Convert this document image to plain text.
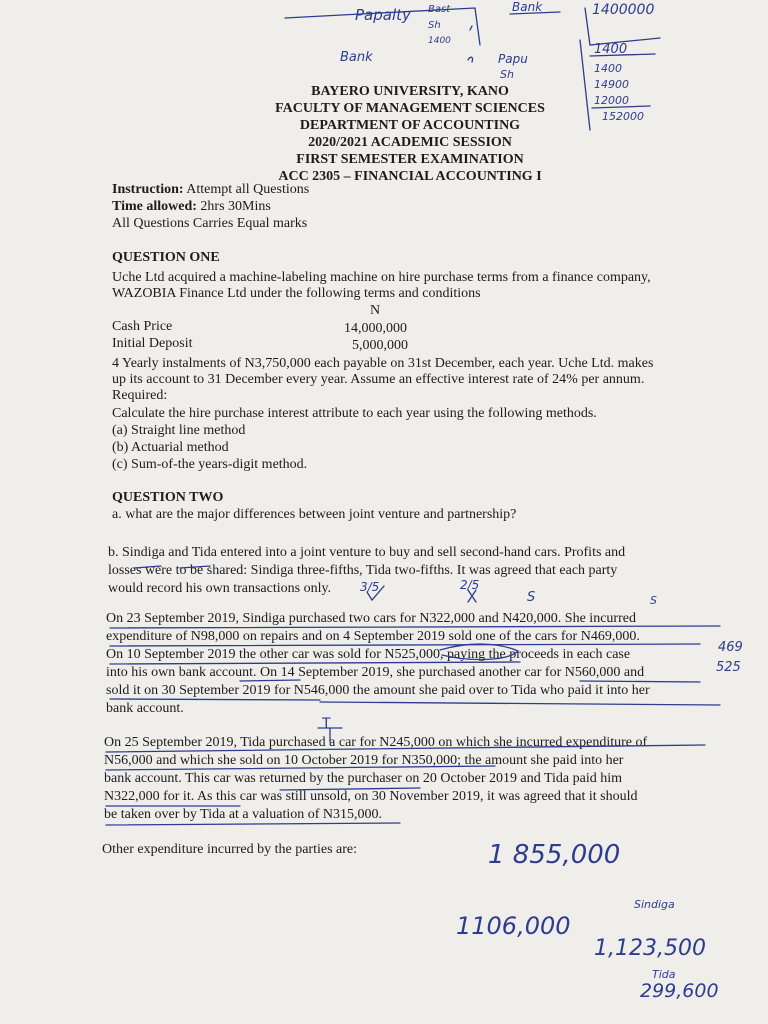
Papalty Bast
Sh
1400
Bank	1400000
Bank	Papu
Sh
1400
1400
14900
12000
152000
BAYERO UNIVERSITY, KANO
FACULTY OF MANAGEMENT SCIENCES
DEPARTMENT OF ACCOUNTING
2020/2021 ACADEMIC SESSION
FIRST SEMESTER EXAMINATION
ACC 2305 – FINANCIAL ACCOUNTING I
Instruction: Attempt all Questions
Time allowed: 2hrs 30Mins
All Questions Carries Equal marks
QUESTION ONE
Uche Ltd acquired a machine-labeling machine on hire purchase terms from a finance company,
WAZOBIA Finance Ltd under the following terms and conditions
N
Cash Price	14,000,000
Initial Deposit	5,000,000
4 Yearly instalments of N3,750,000 each payable on 31st December, each year. Uche Ltd. makes
up its account to 31 December every year. Assume an effective interest rate of 24% per annum.
Required:
Calculate the hire purchase interest attribute to each year using the following methods.
(a) Straight line method
(b) Actuarial method
(c) Sum-of-the years-digit method.
QUESTION TWO
a. what are the major differences between joint venture and partnership?
b. Sindiga and Tida entered into a joint venture to buy and sell second-hand cars. Profits and
losses were to be shared: Sindiga three-fifths, Tida two-fifths. It was agreed that each party
would record his own transactions only.
On 23 September 2019, Sindiga purchased two cars for N322,000 and N420,000. She incurred
expenditure of N98,000 on repairs and on 4 September 2019 sold one of the cars for N469,000.
On 10 September 2019 the other car was sold for N525,000, paying the proceeds in each case
into his own bank account. On 14 September 2019, she purchased another car for N560,000 and
sold it on 30 September 2019 for N546,000 the amount she paid over to Tida who paid it into her
bank account.
On 25 September 2019, Tida purchased a car for N245,000 on which she incurred expenditure of
N56,000 and which she sold on 10 October 2019 for N350,000; the amount she paid into her
bank account. This car was returned by the purchaser on 20 October 2019 and Tida paid him
N322,000 for it. As this car was still unsold, on 30 November 2019, it was agreed that it should
be taken over by Tida at a valuation of N315,000.
Other expenditure incurred by the parties are:
3/5	2/5
S	S
469
525
T
1 855,000
1106,000
Sindiga
1,123,500
Tida
299,600
